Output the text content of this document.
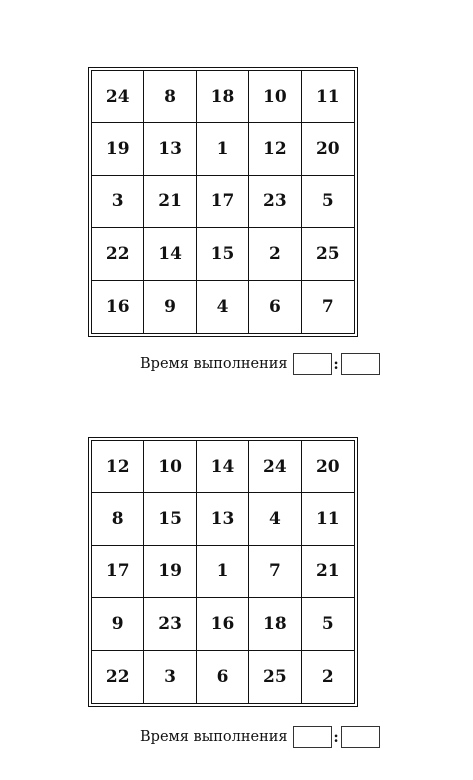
24	8	18	10	11
19	13	1	12	20
3	21	17	23	5
22	14	15	2	25
16	9	4	6	7
Время выполнения	:
12	10	14	24	20
8	15	13	4	11
17	19	1	7	21
9	23	16	18	5
22	3	6	25	2
Время выполнения	:
